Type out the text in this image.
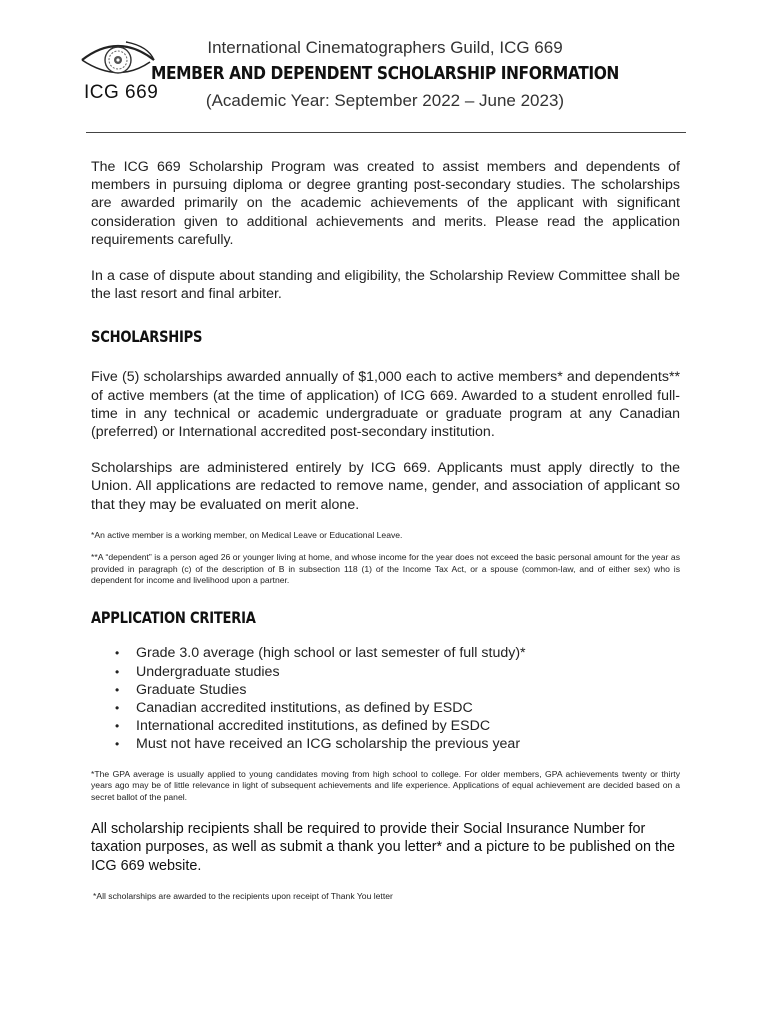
ICG 669
International Cinematographers Guild, ICG 669
MEMBER AND DEPENDENT SCHOLARSHIP INFORMATION
(Academic Year: September 2022 – June 2023)

The ICG 669 Scholarship Program was created to assist members and dependents of members in pursuing diploma or degree granting post-secondary studies. The scholarships are awarded primarily on the academic achievements of the applicant with significant consideration given to additional achievements and merits. Please read the application requirements carefully.

In a case of dispute about standing and eligibility, the Scholarship Review Committee shall be the last resort and final arbiter.

SCHOLARSHIPS

Five (5) scholarships awarded annually of $1,000 each to active members* and dependents** of active members (at the time of application) of ICG 669. Awarded to a student enrolled full-time in any technical or academic undergraduate or graduate program at any Canadian (preferred) or International accredited post-secondary institution.

Scholarships are administered entirely by ICG 669. Applicants must apply directly to the Union. All applications are redacted to remove name, gender, and association of applicant so that they may be evaluated on merit alone.

*An active member is a working member, on Medical Leave or Educational Leave.

**A “dependent” is a person aged 26 or younger living at home, and whose income for the year does not exceed the basic personal amount for the year as provided in paragraph (c) of the description of B in subsection 118 (1) of the Income Tax Act, or a spouse (common-law, and of either sex) who is dependent for income and livelihood upon a partner.

APPLICATION CRITERIA
• Grade 3.0 average (high school or last semester of full study)*
• Undergraduate studies
• Graduate Studies
• Canadian accredited institutions, as defined by ESDC
• International accredited institutions, as defined by ESDC
• Must not have received an ICG scholarship the previous year

*The GPA average is usually applied to young candidates moving from high school to college. For older members, GPA achievements twenty or thirty years ago may be of little relevance in light of subsequent achievements and life experience. Applications of equal achievement are decided based on a secret ballot of the panel.

All scholarship recipients shall be required to provide their Social Insurance Number for taxation purposes, as well as submit a thank you letter* and a picture to be published on the ICG 669 website.

*All scholarships are awarded to the recipients upon receipt of Thank You letter
